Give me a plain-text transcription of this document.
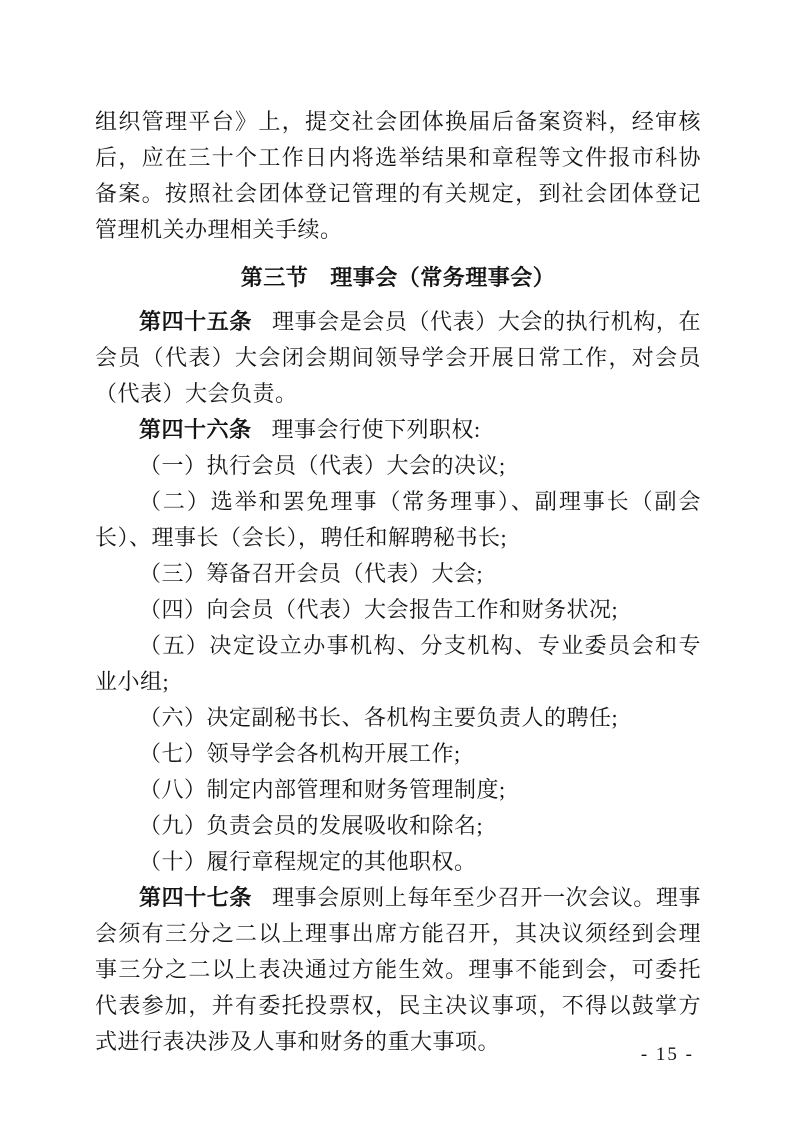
组织管理平台》上，提交社会团体换届后备案资料，经审核后，应在三十个工作日内将选举结果和章程等文件报市科协备案。按照社会团体登记管理的有关规定，到社会团体登记管理机关办理相关手续。

第三节 理事会（常务理事会）

第四十五条 理事会是会员（代表）大会的执行机构，在会员（代表）大会闭会期间领导学会开展日常工作，对会员（代表）大会负责。

第四十六条 理事会行使下列职权:

（一）执行会员（代表）大会的决议;

（二）选举和罢免理事（常务理事）、副理事长（副会长）、理事长（会长），聘任和解聘秘书长;

（三）筹备召开会员（代表）大会;

（四）向会员（代表）大会报告工作和财务状况;

（五）决定设立办事机构、分支机构、专业委员会和专业小组;

（六）决定副秘书长、各机构主要负责人的聘任;

（七）领导学会各机构开展工作;

（八）制定内部管理和财务管理制度;

（九）负责会员的发展吸收和除名;

（十）履行章程规定的其他职权。

第四十七条 理事会原则上每年至少召开一次会议。理事会须有三分之二以上理事出席方能召开，其决议须经到会理事三分之二以上表决通过方能生效。理事不能到会，可委托代表参加，并有委托投票权，民主决议事项，不得以鼓掌方式进行表决涉及人事和财务的重大事项。

- 15 -
